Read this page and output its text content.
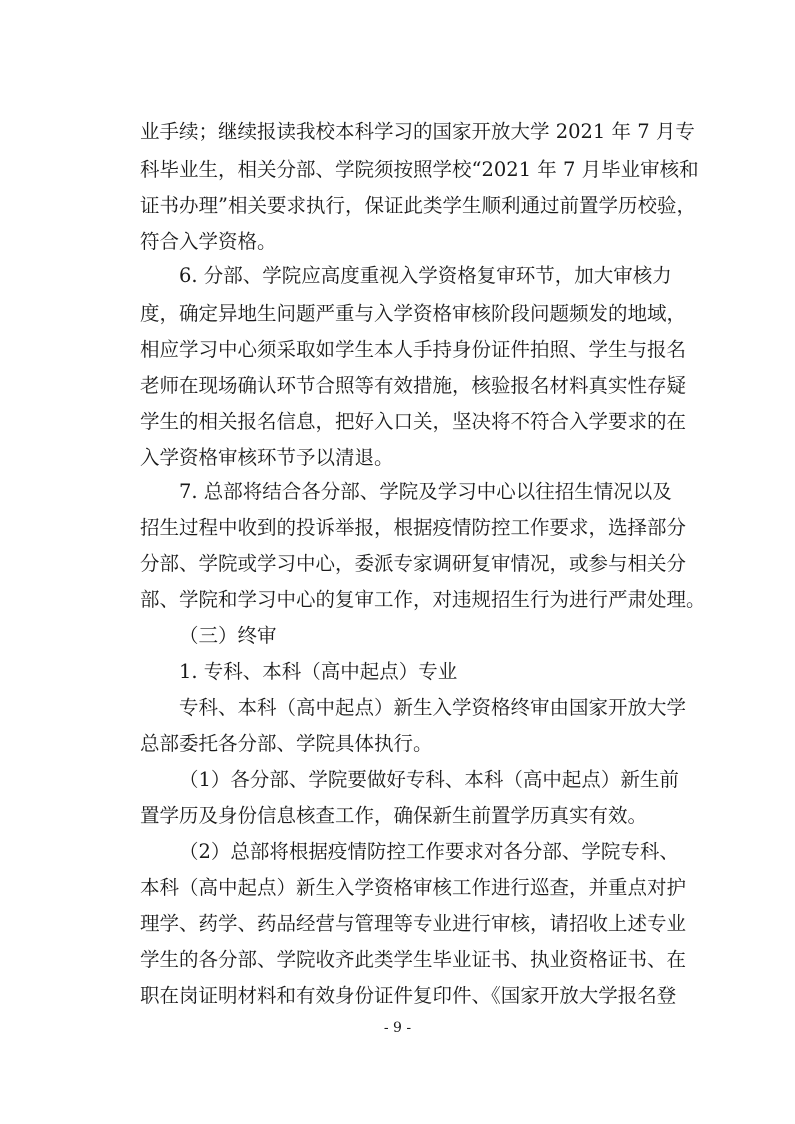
业手续；继续报读我校本科学习的国家开放大学 2021 年 7 月专
科毕业生，相关分部、学院须按照学校“2021 年 7 月毕业审核和
证书办理”相关要求执行，保证此类学生顺利通过前置学历校验，
符合入学资格。
6. 分部、学院应高度重视入学资格复审环节，加大审核力
度，确定异地生问题严重与入学资格审核阶段问题频发的地域，
相应学习中心须采取如学生本人手持身份证件拍照、学生与报名
老师在现场确认环节合照等有效措施，核验报名材料真实性存疑
学生的相关报名信息，把好入口关，坚决将不符合入学要求的在
入学资格审核环节予以清退。
7. 总部将结合各分部、学院及学习中心以往招生情况以及
招生过程中收到的投诉举报，根据疫情防控工作要求，选择部分
分部、学院或学习中心，委派专家调研复审情况，或参与相关分
部、学院和学习中心的复审工作，对违规招生行为进行严肃处理。
（三）终审
1. 专科、本科（高中起点）专业
专科、本科（高中起点）新生入学资格终审由国家开放大学
总部委托各分部、学院具体执行。
（1）各分部、学院要做好专科、本科（高中起点）新生前
置学历及身份信息核查工作，确保新生前置学历真实有效。
（2）总部将根据疫情防控工作要求对各分部、学院专科、
本科（高中起点）新生入学资格审核工作进行巡查，并重点对护
理学、药学、药品经营与管理等专业进行审核，请招收上述专业
学生的各分部、学院收齐此类学生毕业证书、执业资格证书、在
职在岗证明材料和有效身份证件复印件、《国家开放大学报名登
- 9 -
